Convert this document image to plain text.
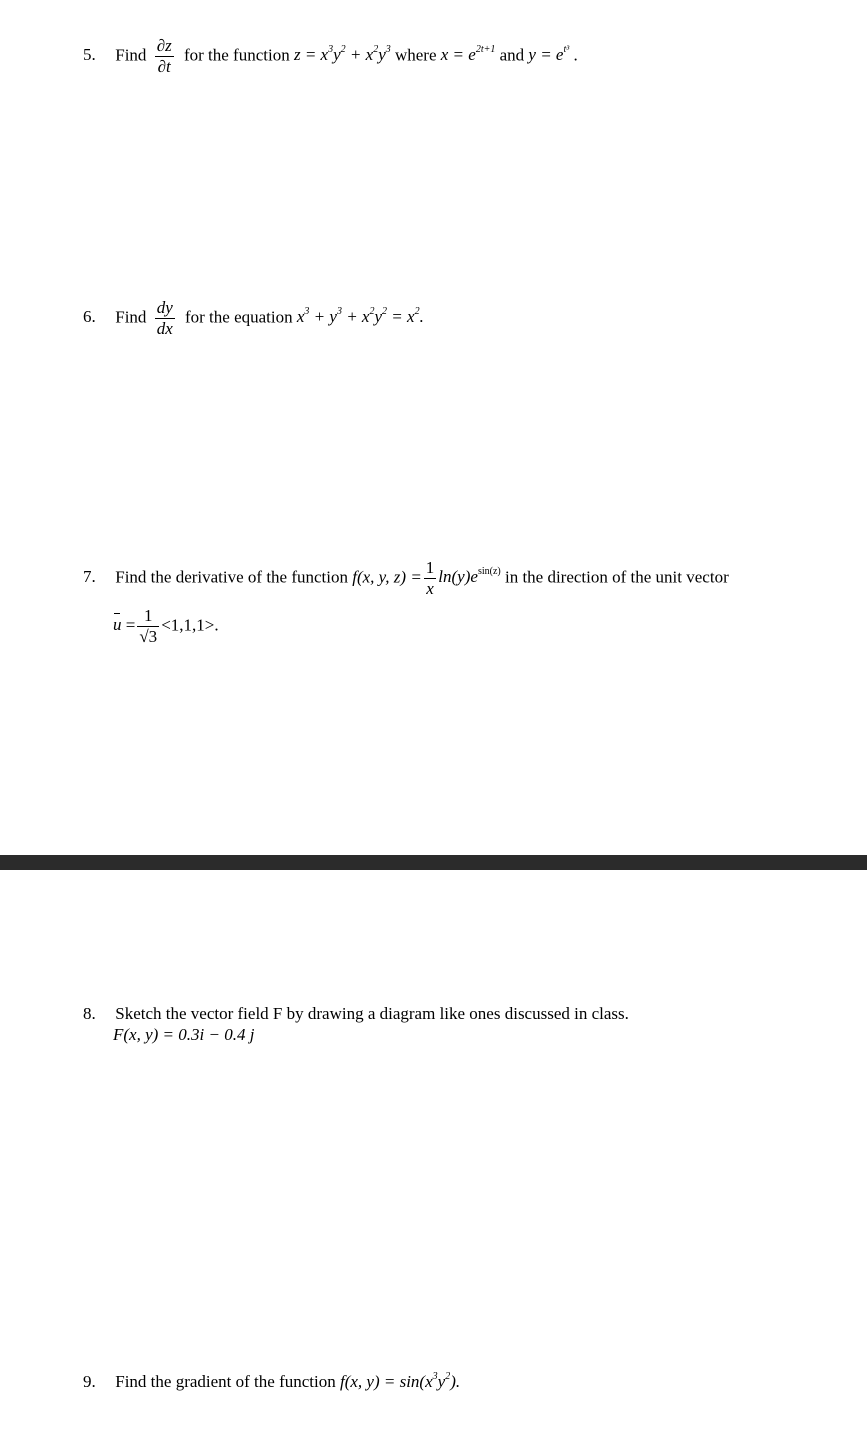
5. Find $\frac{\partial z}{\partial t}$ for the function $z = x^3y^2 + x^2y^3$ where $x = e^{2t+1}$ and $y = e^{t^3}$ .
6. Find $\frac{dy}{dx}$ for the equation $x^3 + y^3 + x^2y^2 = x^2$.
7. Find the derivative of the function f(x, y, $z) = \frac{1}{x} \ln(y)e^{sin(z)}$ in the direction of the unit vector
$u = \frac{1}{√3} <1,1,1>$.
8. Sketch the vector field F by drawing a diagram like ones discussed in class.
F(x, y) = 0.3i − 0.4 j
9. Find the gradient of the function f(x, $y) = \sin(x^3y^2)$.
